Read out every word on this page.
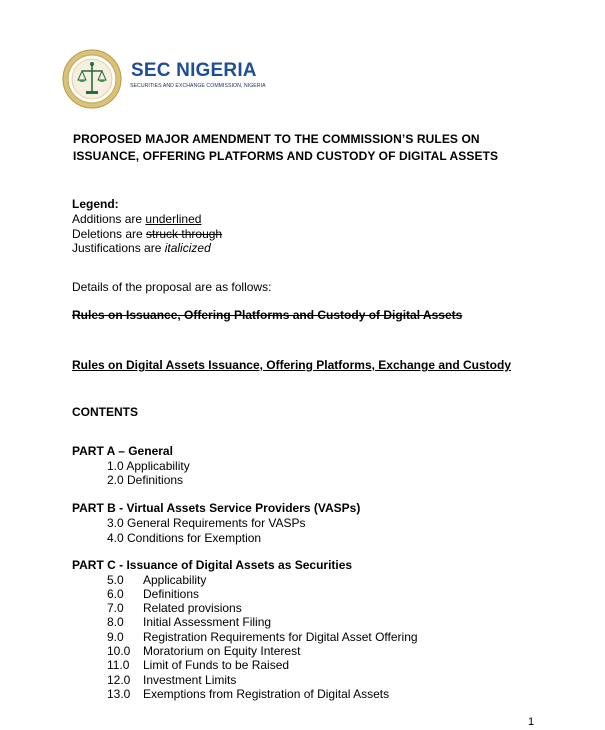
SEC NIGERIA
SECURITIES AND EXCHANGE COMMISSION, NIGERIA
PROPOSED MAJOR AMENDMENT TO THE COMMISSION’S RULES ON
ISSUANCE, OFFERING PLATFORMS AND CUSTODY OF DIGITAL ASSETS
Legend:
Additions are underlined
Deletions are struck through
Justifications are italicized
Details of the proposal are as follows:
Rules on Issuance, Offering Platforms and Custody of Digital Assets
Rules on Digital Assets Issuance, Offering Platforms, Exchange and Custody
CONTENTS
PART A – General
1.0 Applicability
2.0 Definitions
PART B - Virtual Assets Service Providers (VASPs)
3.0 General Requirements for VASPs
4.0 Conditions for Exemption
PART C - Issuance of Digital Assets as Securities
5.0 Applicability
6.0 Definitions
7.0 Related provisions
8.0 Initial Assessment Filing
9.0 Registration Requirements for Digital Asset Offering
10.0 Moratorium on Equity Interest
11.0 Limit of Funds to be Raised
12.0 Investment Limits
13.0 Exemptions from Registration of Digital Assets
1
